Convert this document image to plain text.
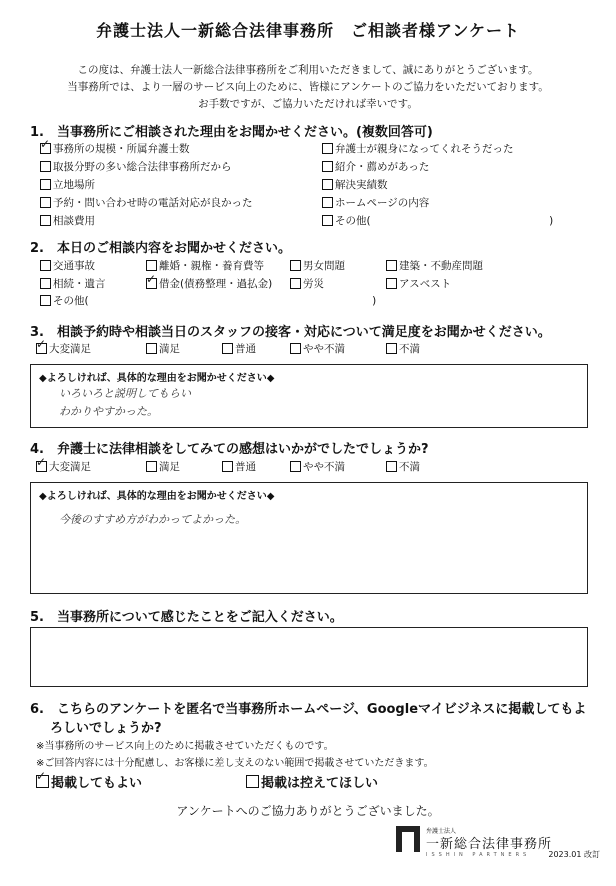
弁護士法人一新総合法律事務所　ご相談者様アンケート
この度は、弁護士法人一新総合法律事務所をご利用いただきまして、誠にありがとうございます。
当事務所では、より一層のサービス向上のために、皆様にアンケートのご協力をいただいております。
お手数ですが、ご協力いただければ幸いです。
1.　当事務所にご相談された理由をお聞かせください。(複数回答可)
✓
事務所の規模・所属弁護士数
取扱分野の多い総合法律事務所だから
立地場所
予約・問い合わせ時の電話対応が良かった
相談費用
弁護士が親身になってくれそうだった
紹介・薦めがあった
解決実績数
ホームページの内容
その他(　　　　　　　　　　　　　　　　　)
2.　本日のご相談内容をお聞かせください。
交通事故	離婚・親権・養育費等	男女問題	建築・不動産問題
相続・遺言
✓	借金(債務整理・過払金)	労災	アスベスト
その他(　　　　　　　　　　　　　　　　　　　　　　　　　　　)
3.　相談予約時や相談当日のスタッフの接客・対応について満足度をお聞かせください。
✓
大変満足	満足	普通	やや不満	不満
◆よろしければ、具体的な理由をお聞かせください◆
いろいろと説明してもらい
わかりやすかった。
4.　弁護士に法律相談をしてみての感想はいかがでしたでしょうか?
✓
大変満足	満足	普通	やや不満	不満
◆よろしければ、具体的な理由をお聞かせください◆
今後のすすめ方がわかってよかった。
5.　当事務所について感じたことをご記入ください。
6.　こちらのアンケートを匿名で当事務所ホームページ、Googleマイビジネスに掲載してもよ
ろしいでしょうか?
※当事務所のサービス向上のために掲載させていただくものです。
※ご回答内容には十分配慮し、お客様に差し支えのない範囲で掲載させていただきます。
✓
掲載してもよい	掲載は控えてほしい
アンケートへのご協力ありがとうございました。
弁護士法人
一新総合法律事務所
ISSHIN PARTNERS 2023.01 改訂
